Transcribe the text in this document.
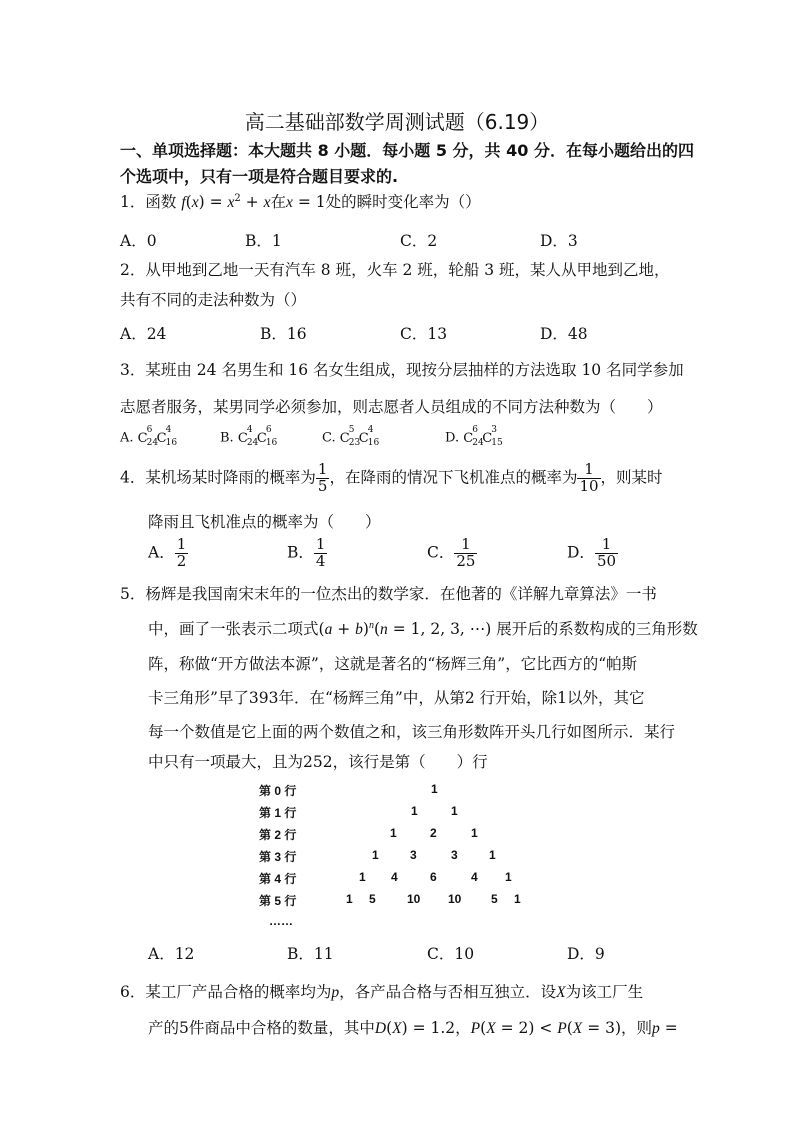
高二基础部数学周测试题（6.19）
一、单项选择题：本大题共 8 小题．每小题 5 分，共 40 分．在每小题给出的四
个选项中，只有一项是符合题目要求的.
1．函数 $f(x) = x^2 + x$在x = 1处的瞬时变化率为（）
A．0	B．1	C．2	D．3
2．从甲地到乙地一天有汽车 8 班，火车 2 班，轮船 3 班，某人从甲地到乙地，
共有不同的走法种数为（）
A．24	B．16	C．13	D．48
3．某班由 24 名男生和 16 名女生组成，现按分层抽样的方法选取 10 名同学参加
志愿者服务，某男同学必须参加，则志愿者人员组成的不同方法种数为（　　）
A. C
6
24
C
4
16	B. C
4
24
C
6
16	C. C
5
23
C
4
16	D. C
6
24
C
3
15
4．某机场某时降雨的概率为 $\frac{1}{5}$ ，在降雨的情况下飞机准点的概率为 $\frac{1}{10}$ ，则某时
降雨且飞机准点的概率为（　　）
A． $\frac{1}{2}$	B． $\frac{1}{4}$	C． $\frac{1}{25}$	D． $\frac{1}{50}$
5．杨辉是我国南宋末年的一位杰出的数学家．在他著的《详解九章算法》一书
中，画了一张表示二项式$(a + b)^n(n = 1$, 2, 3, ⋯) 展开后的系数构成的三角形数
阵，称做“开方做法本源”，这就是著名的“杨辉三角”，它比西方的“帕斯
卡三角形”早了393年．在“杨辉三角”中，从第2 行开始，除1以外，其它
每一个数值是它上面的两个数值之和，该三角形数阵开头几行如图所示．某行
中只有一项最大，且为252，该行是第（　　）行
第 0 行	1
第 1 行	1	1
第 2 行	1	2	1
第 3 行	1	3	3	1
第 4 行	1 4	6	4 1
第 5 行	1 5	10 10 5 1
……
A．12	B．11	C．10	D．9
6．某工厂产品合格的概率均为p，各产品合格与否相互独立．设X为该工厂生
产的5件商品中合格的数量，其中D(X) = 1.2，P(X = 2) < P(X = 3)，则p =
